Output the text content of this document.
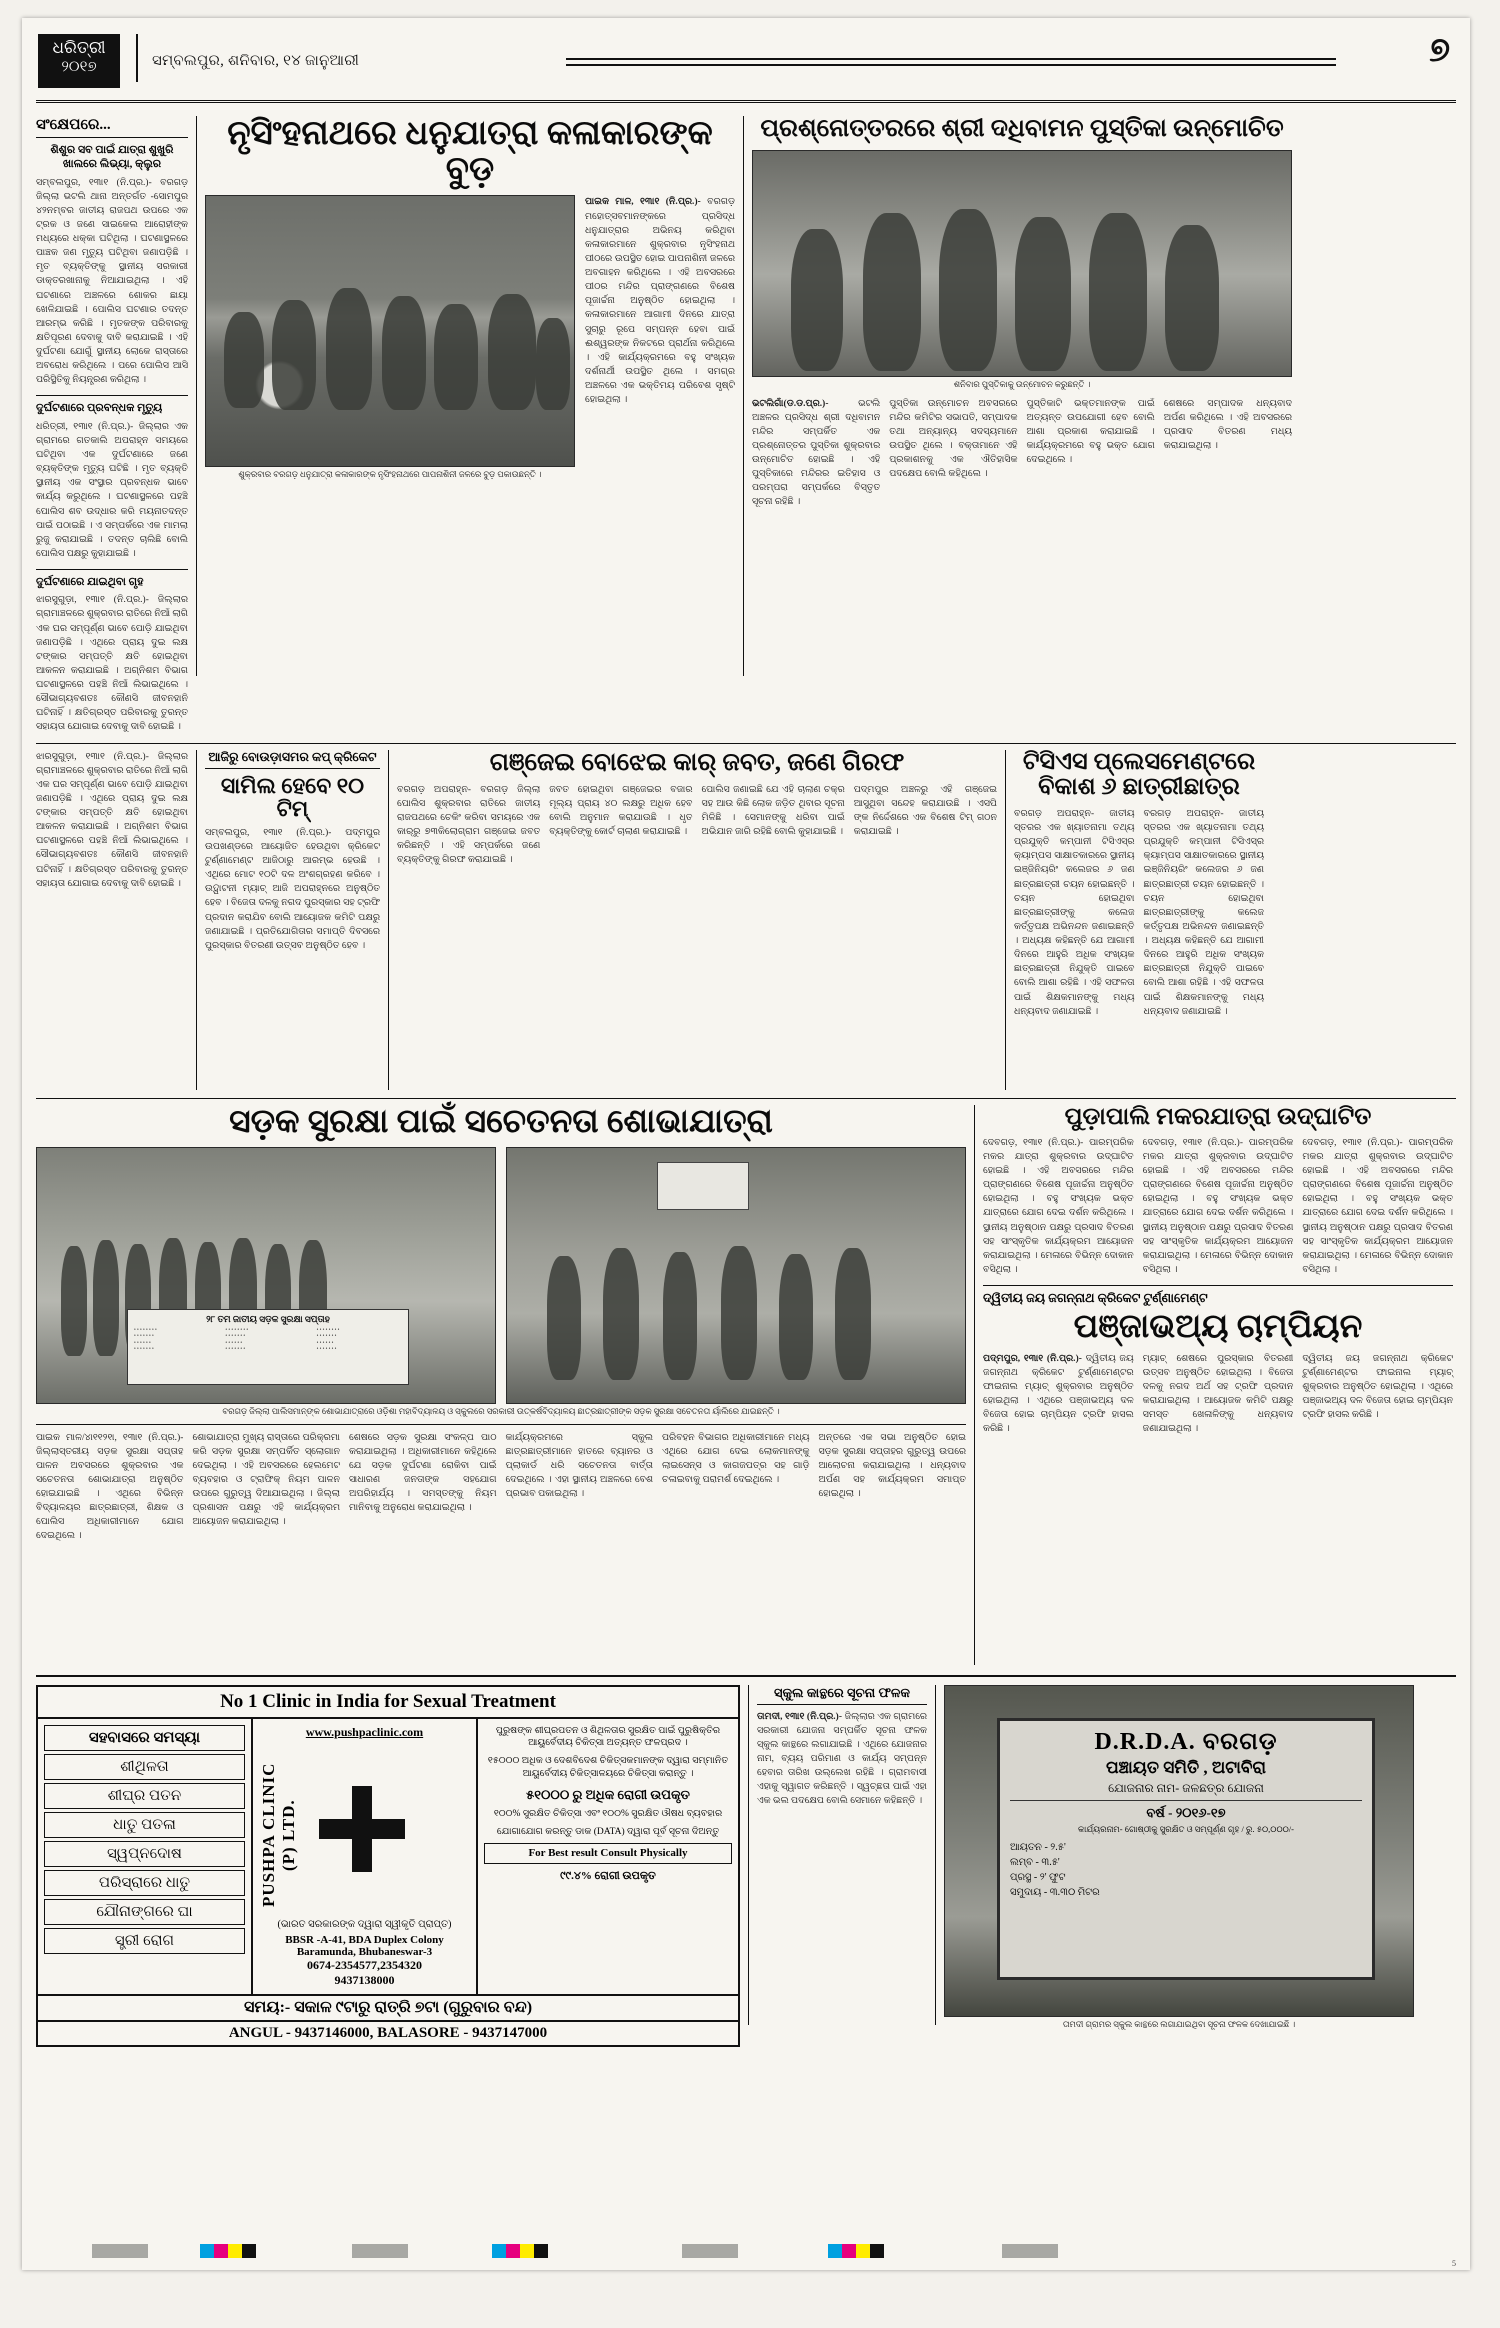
ଧରିତ୍ରୀ
୨୦୧୭	ସମ୍ବଲପୁର, ଶନିବାର, ୧୪ ଜାନୁଆରୀ	୭
ସଂକ୍ଷେପରେ...
ଶିଶୁର ସବ ପାଇଁ ଯାତ୍ରା ଶୁଖୁରି ଖାଲରେ ଲିଭ୍ୟା, କ୍ଲୁର
ସମ୍ବଲପୁର, ୧୩ା୧ (ନି.ପ୍ର.)- ବରଗଡ଼ ଜିଲ୍ଲା ଭଟଲି ଥାନା ଅନ୍ତର୍ଗତ -ସୋମପୁର ୪୨ନମ୍ବର ଜାତୀୟ ରାଜପଥ ଉପରେ ଏକ ଟ୍ରକ ଓ ଜଣେ ସାଇକେଲ ଆରୋହୀଙ୍କ ମଧ୍ୟରେ ଧକ୍କା ଘଟିଥିଲା । ଘଟଣାସ୍ଥଳରେ ପାଞ୍ଚକ ଜଣ ମୃତ୍ୟୁ ଘଟିଥିବା ଜଣାପଡ଼ିଛି । ମୃତ ବ୍ୟକ୍ତିଙ୍କୁ ସ୍ଥାନୀୟ ସରକାରୀ ଡାକ୍ତରଖାନାକୁ ନିଆଯାଇଥିଲା । ଏହି ଘଟଣାରେ ଅଞ୍ଚଳରେ ଶୋକର ଛାୟା ଖେଳିଯାଇଛି । ପୋଲିସ ଘଟଣାର ତଦନ୍ତ ଆରମ୍ଭ କରିଛି । ମୃତକଙ୍କ ପରିବାରକୁ କ୍ଷତିପୂରଣ ଦେବାକୁ ଦାବି କରାଯାଇଛି । ଏହି ଦୁର୍ଘଟଣା ଯୋଗୁଁ ସ୍ଥାନୀୟ ଲୋକେ ରାସ୍ତାରେ ଅବରୋଧ କରିଥିଲେ । ପରେ ପୋଲିସ ଆସି ପରିସ୍ଥିତିକୁ ନିୟନ୍ତ୍ରଣ କରିଥିଲା ।
ଦୁର୍ଘଟଣାରେ ପ୍ରବନ୍ଧକ ମୃତ୍ୟୁ
ଧରିତ୍ରୀ, ୧୩ା୧ (ନି.ପ୍ର.)- ଜିଲ୍ଲାର ଏକ ଗ୍ରାମରେ ଗତକାଲି ଅପରାହ୍ନ ସମୟରେ ଘଟିଥିବା ଏକ ଦୁର୍ଘଟଣାରେ ଜଣେ ବ୍ୟକ୍ତିଙ୍କ ମୃତ୍ୟୁ ଘଟିଛି । ମୃତ ବ୍ୟକ୍ତି ସ୍ଥାନୀୟ ଏକ ସଂସ୍ଥାର ପ୍ରବନ୍ଧକ ଭାବେ କାର୍ଯ୍ୟ କରୁଥିଲେ । ଘଟଣାସ୍ଥଳରେ ପହଞ୍ଚି ପୋଲିସ ଶବ ଉଦ୍ଧାର କରି ମୟନାତଦନ୍ତ ପାଇଁ ପଠାଇଛି । ଏ ସମ୍ପର୍କରେ ଏକ ମାମଲା ରୁଜୁ କରାଯାଇଛି । ତଦନ୍ତ ଚାଲିଛି ବୋଲି ପୋଲିସ ପକ୍ଷରୁ କୁହାଯାଇଛି ।
ଦୁର୍ଘଟଣାରେ ଯାଇଥିବା ଗୃହ
ଝାରସୁଗୁଡ଼ା, ୧୩ା୧ (ନି.ପ୍ର.)- ଜିଲ୍ଲାର ଗ୍ରାମାଞ୍ଚଳରେ ଶୁକ୍ରବାର ରାତିରେ ନିଆଁ ଲାଗି ଏକ ଘର ସମ୍ପୂର୍ଣ୍ଣ ଭାବେ ପୋଡ଼ି ଯାଇଥିବା ଜଣାପଡ଼ିଛି । ଏଥିରେ ପ୍ରାୟ ଦୁଇ ଲକ୍ଷ ଟଙ୍କାର ସମ୍ପତ୍ତି କ୍ଷତି ହୋଇଥିବା ଆକଳନ କରାଯାଇଛି । ଅଗ୍ନିଶମ ବିଭାଗ ଘଟଣାସ୍ଥଳରେ ପହଞ୍ଚି ନିଆଁ ଲିଭାଇଥିଲେ । ସୌଭାଗ୍ୟବଶତଃ କୌଣସି ଜୀବନହାନି ଘଟିନାହିଁ । କ୍ଷତିଗ୍ରସ୍ତ ପରିବାରକୁ ତୁରନ୍ତ ସହାୟତା ଯୋଗାଇ ଦେବାକୁ ଦାବି ହୋଇଛି ।
ନୃସିଂହନାଥରେ ଧନୁଯାତ୍ରା କଳାକାରଙ୍କ ବୁଡ଼
ଶୁକ୍ରବାର ବରଗଡ଼ ଧନୁଯାତ୍ରା କଳାକାରଙ୍କ ନୃସିଂହନାଥରେ ପାପନାଶିନୀ ଜଳରେ ବୁଡ଼ ପକାଉଛନ୍ତି ।
ପାଇକ ମାଳ, ୧୩ା୧ (ନି.ପ୍ର.)- ବରଗଡ଼ ମହୋତ୍ସବମାନଙ୍କରେ ପ୍ରସିଦ୍ଧ ଧନୁଯାତ୍ରାର ଅଭିନୟ କରିଥିବା କଳାକାରମାନେ ଶୁକ୍ରବାର ନୃସିଂହନାଥ ପୀଠରେ ଉପସ୍ଥିତ ହୋଇ ପାପନାଶିନୀ ଜଳରେ ଅବଗାହନ କରିଥିଲେ । ଏହି ଅବସରରେ ପୀଠର ମନ୍ଦିର ପ୍ରାଙ୍ଗଣରେ ବିଶେଷ ପୂଜାର୍ଚ୍ଚନା ଅନୁଷ୍ଠିତ ହୋଇଥିଲା । କଳାକାରମାନେ ଆଗାମୀ ଦିନରେ ଯାତ୍ରା ସୁଚାରୁ ରୂପେ ସମ୍ପନ୍ନ ହେବା ପାଇଁ ଈଶ୍ୱରଙ୍କ ନିକଟରେ ପ୍ରାର୍ଥନା କରିଥିଲେ । ଏହି କାର୍ଯ୍ୟକ୍ରମରେ ବହୁ ସଂଖ୍ୟକ ଦର୍ଶନାର୍ଥୀ ଉପସ୍ଥିତ ଥିଲେ । ସମଗ୍ର ଅଞ୍ଚଳରେ ଏକ ଭକ୍ତିମୟ ପରିବେଶ ସୃଷ୍ଟି ହୋଇଥିଲା ।
ପ୍ରଶ୍ନୋତ୍ତରରେ ଶ୍ରୀ ଦଧିବାମନ ପୁସ୍ତିକା ଉନ୍ମୋଚିତ
ଶନିବାର ପୁସ୍ତିକାକୁ ଉନ୍ମୋଚନ କରୁଛନ୍ତି ।
ଭଟଲିଗାଁ(ଡ.ଡ.ପ୍ର.)-	ଭଟଲି ଅଞ୍ଚଳର ପ୍ରସିଦ୍ଧ ଶ୍ରୀ ଦଧିବାମନ ମନ୍ଦିର ସମ୍ପର୍କିତ ଏକ ପ୍ରଶ୍ନୋତ୍ତର ପୁସ୍ତିକା ଶୁକ୍ରବାର ଉନ୍ମୋଚିତ ହୋଇଛି । ଏହି ପୁସ୍ତିକାରେ ମନ୍ଦିରର ଇତିହାସ ଓ ପରମ୍ପରା ସମ୍ପର୍କରେ ବିସ୍ତୃତ ସୂଚନା ରହିଛି ।
ପୁସ୍ତିକା ଉନ୍ମୋଚନ ଅବସରରେ ମନ୍ଦିର କମିଟିର ସଭାପତି, ସମ୍ପାଦକ ତଥା ଅନ୍ୟାନ୍ୟ ସଦସ୍ୟମାନେ ଉପସ୍ଥିତ ଥିଲେ । ବକ୍ତାମାନେ ଏହି ପ୍ରକାଶନକୁ ଏକ ଐତିହାସିକ ପଦକ୍ଷେପ ବୋଲି କହିଥିଲେ ।
ପୁସ୍ତିକାଟି ଭକ୍ତମାନଙ୍କ ପାଇଁ ଅତ୍ୟନ୍ତ ଉପଯୋଗୀ ହେବ ବୋଲି ଆଶା ପ୍ରକାଶ କରାଯାଇଛି । କାର୍ଯ୍ୟକ୍ରମରେ ବହୁ ଭକ୍ତ ଯୋଗ ଦେଇଥିଲେ ।
ଶେଷରେ ସମ୍ପାଦକ ଧନ୍ୟବାଦ ଅର୍ପଣ କରିଥିଲେ । ଏହି ଅବସରରେ ପ୍ରସାଦ ବିତରଣ ମଧ୍ୟ କରାଯାଇଥିଲା ।
ଝାରସୁଗୁଡ଼ା, ୧୩ା୧ (ନି.ପ୍ର.)- ଜିଲ୍ଲାର ଗ୍ରାମାଞ୍ଚଳରେ ଶୁକ୍ରବାର ରାତିରେ ନିଆଁ ଲାଗି ଏକ ଘର ସମ୍ପୂର୍ଣ୍ଣ ଭାବେ ପୋଡ଼ି ଯାଇଥିବା ଜଣାପଡ଼ିଛି । ଏଥିରେ ପ୍ରାୟ ଦୁଇ ଲକ୍ଷ ଟଙ୍କାର ସମ୍ପତ୍ତି କ୍ଷତି ହୋଇଥିବା ଆକଳନ କରାଯାଇଛି । ଅଗ୍ନିଶମ ବିଭାଗ ଘଟଣାସ୍ଥଳରେ ପହଞ୍ଚି ନିଆଁ ଲିଭାଇଥିଲେ । ସୌଭାଗ୍ୟବଶତଃ କୌଣସି ଜୀବନହାନି ଘଟିନାହିଁ । କ୍ଷତିଗ୍ରସ୍ତ ପରିବାରକୁ ତୁରନ୍ତ ସହାୟତା ଯୋଗାଇ ଦେବାକୁ ଦାବି ହୋଇଛି ।
ଆଜିରୁ ବୋଉଡ଼ାସମର କପ୍‌ କ୍ରିକେଟ
ସାମିଲ ହେବେ ୧୦ ଟିମ୍
ସମ୍ବଲପୁର, ୧୩ା୧ (ନି.ପ୍ର.)- ପଦ୍ମପୁର ଉପଖଣ୍ଡରେ ଆୟୋଜିତ ହେଉଥିବା କ୍ରିକେଟ ଟୁର୍ଣ୍ଣାମେଣ୍ଟ ଆଜିଠାରୁ ଆରମ୍ଭ ହେଉଛି । ଏଥିରେ ମୋଟ ୧୦ଟି ଦଳ ଅଂଶଗ୍ରହଣ କରିବେ । ଉଦ୍ଘାଟନୀ ମ୍ୟାଚ୍‌ ଆଜି ଅପରାହ୍ନରେ ଅନୁଷ୍ଠିତ ହେବ । ବିଜେତା ଦଳକୁ ନଗଦ ପୁରସ୍କାର ସହ ଟ୍ରଫି ପ୍ରଦାନ କରାଯିବ ବୋଲି ଆୟୋଜକ କମିଟି ପକ୍ଷରୁ ଜଣାଯାଇଛି । ପ୍ରତିଯୋଗିତାର ସମାପ୍ତି ଦିବସରେ ପୁରସ୍କାର ବିତରଣୀ ଉତ୍ସବ ଅନୁଷ୍ଠିତ ହେବ ।
ଗଞ୍ଜେଇ ବୋଝେଇ କାର୍ ଜବତ, ଜଣେ ଗିରଫ
ବରଗଡ଼ ଅପରାହ୍ନ- ବରଗଡ଼ ଜିଲ୍ଲା ପୋଲିସ ଶୁକ୍ରବାର ରାତିରେ ଜାତୀୟ ରାଜପଥରେ ଚେକିଂ କରିବା ସମୟରେ ଏକ କାର୍‌ରୁ ୭୩କିଲୋଗ୍ରାମ ଗଞ୍ଜେଇ ଜବତ କରିଛନ୍ତି । ଏହି ସମ୍ପର୍କରେ ଜଣେ ବ୍ୟକ୍ତିଙ୍କୁ ଗିରଫ କରାଯାଇଛି ।
ଜବତ ହୋଇଥିବା ଗଞ୍ଜେଇର ବଜାର ମୂଲ୍ୟ ପ୍ରାୟ ୪୦ ଲକ୍ଷରୁ ଅଧିକ ହେବ ବୋଲି ଅନୁମାନ କରାଯାଉଛି । ଧୃତ ବ୍ୟକ୍ତିଙ୍କୁ କୋର୍ଟ ଚାଲାଣ କରାଯାଇଛି ।
ପୋଲିସ ଜଣାଇଛି ଯେ ଏହି ଚାଲାଣ ଚକ୍ର ସହ ଆଉ କିଛି ଲୋକ ଜଡ଼ିତ ଥିବାର ସୂଚନା ମିଳିଛି । ସେମାନଙ୍କୁ ଧରିବା ପାଇଁ ଅଭିଯାନ ଜାରି ରହିଛି ବୋଲି କୁହାଯାଇଛି ।
ପଦ୍ମପୁର ଅଞ୍ଚଳରୁ ଏହି ଗଞ୍ଜେଇ ଆସୁଥିବା ସନ୍ଦେହ କରାଯାଉଛି । ଏସପି ଙ୍କ ନିର୍ଦ୍ଦେଶରେ ଏକ ବିଶେଷ ଟିମ୍ ଗଠନ କରାଯାଇଛି ।
ଟିସିଏସ ପ୍ଲେସମେଣ୍ଟରେ ବିକାଶ ୬ ଛାତ୍ରୀଛାତ୍ର
ବରଗଡ଼ ଅପରାହ୍ନ- ଜାତୀୟ ସ୍ତରର ଏକ ଖ୍ୟାତନାମା ତଥ୍ୟ ପ୍ରଯୁକ୍ତି କମ୍ପାନୀ ଟିସିଏସ୍‌ର କ୍ୟାମ୍ପସ ସାକ୍ଷାତକାରରେ ସ୍ଥାନୀୟ ଇଞ୍ଜିନିୟରିଂ କଲେଜର ୬ ଜଣ ଛାତ୍ରଛାତ୍ରୀ ଚୟନ ହୋଇଛନ୍ତି । ଚୟନ ହୋଇଥିବା ଛାତ୍ରଛାତ୍ରୀଙ୍କୁ କଲେଜ କର୍ତ୍ତୃପକ୍ଷ ଅଭିନନ୍ଦନ ଜଣାଇଛନ୍ତି । ଅଧ୍ୟକ୍ଷ କହିଛନ୍ତି ଯେ ଆଗାମୀ ଦିନରେ ଆହୁରି ଅଧିକ ସଂଖ୍ୟକ ଛାତ୍ରଛାତ୍ରୀ ନିଯୁକ୍ତି ପାଇବେ ବୋଲି ଆଶା ରହିଛି । ଏହି ସଫଳତା ପାଇଁ ଶିକ୍ଷକମାନଙ୍କୁ ମଧ୍ୟ ଧନ୍ୟବାଦ ଜଣାଯାଇଛି ।
ବରଗଡ଼ ଅପରାହ୍ନ- ଜାତୀୟ ସ୍ତରର ଏକ ଖ୍ୟାତନାମା ତଥ୍ୟ ପ୍ରଯୁକ୍ତି କମ୍ପାନୀ ଟିସିଏସ୍‌ର କ୍ୟାମ୍ପସ ସାକ୍ଷାତକାରରେ ସ୍ଥାନୀୟ ଇଞ୍ଜିନିୟରିଂ କଲେଜର ୬ ଜଣ ଛାତ୍ରଛାତ୍ରୀ ଚୟନ ହୋଇଛନ୍ତି । ଚୟନ ହୋଇଥିବା ଛାତ୍ରଛାତ୍ରୀଙ୍କୁ କଲେଜ କର୍ତ୍ତୃପକ୍ଷ ଅଭିନନ୍ଦନ ଜଣାଇଛନ୍ତି । ଅଧ୍ୟକ୍ଷ କହିଛନ୍ତି ଯେ ଆଗାମୀ ଦିନରେ ଆହୁରି ଅଧିକ ସଂଖ୍ୟକ ଛାତ୍ରଛାତ୍ରୀ ନିଯୁକ୍ତି ପାଇବେ ବୋଲି ଆଶା ରହିଛି । ଏହି ସଫଳତା ପାଇଁ ଶିକ୍ଷକମାନଙ୍କୁ ମଧ୍ୟ ଧନ୍ୟବାଦ ଜଣାଯାଇଛି ।
ସଡ଼କ ସୁରକ୍ଷା ପାଇଁ ସଚେତନତା ଶୋଭାଯାତ୍ରା
୨୮ ତମ ଜାତୀୟ ସଡ଼କ ସୁରକ୍ଷା ସପ୍ତାହ
• • • • • • • •
• • • • • • •
• • • • • •
• • • • • • •
• • • • • • • •
• • • • • • •
• • • • • •
• • • • • • •
• • • • • • • •
• • • • • • •
• • • • • •
• • • • • • •
ବରଗଡ଼ ଜିଲ୍ଲା ପାଲିସମାନ୍‌ଙ୍କ ଶୋଭାଯାତ୍ରାରେ ଓଡ଼ିଶା ମହାବିଦ୍ୟାଳୟ ଓ ସ୍କୁଲରେ ସରକାରୀ ଉତ୍କର୍ଷବିଦ୍ୟାଳୟ ଛାତ୍ରଛାତ୍ରୀଙ୍କ ସଡ଼କ ସୁରକ୍ଷା ସଚେତନତା ର୍ୟାଲିରେ ଯାଇଛନ୍ତି ।
ପାଇକ ମାଳ/୪ା୧୧୨୧ା, ୧୩ା୧ (ନି.ପ୍ର.)- ଜିଲ୍ଲାସ୍ତରୀୟ ସଡ଼କ ସୁରକ୍ଷା ସପ୍ତାହ ପାଳନ ଅବସରରେ ଶୁକ୍ରବାର ଏକ ସଚେତନତା ଶୋଭାଯାତ୍ରା ଅନୁଷ୍ଠିତ ହୋଇଯାଇଛି । ଏଥିରେ ବିଭିନ୍ନ ବିଦ୍ୟାଳୟର ଛାତ୍ରଛାତ୍ରୀ, ଶିକ୍ଷକ ଓ ପୋଲିସ ଅଧିକାରୀମାନେ ଯୋଗ ଦେଇଥିଲେ ।
ଶୋଭାଯାତ୍ରା ମୁଖ୍ୟ ରାସ୍ତାରେ ପରିକ୍ରମା କରି ସଡ଼କ ସୁରକ୍ଷା ସମ୍ପର୍କିତ ସ୍ଲୋଗାନ ଦେଇଥିଲା । ଏହି ଅବସରରେ ହେଲମେଟ ବ୍ୟବହାର ଓ ଟ୍ରାଫିକ୍ ନିୟମ ପାଳନ ଉପରେ ଗୁରୁତ୍ୱ ଦିଆଯାଇଥିଲା । ଜିଲ୍ଲା ପ୍ରଶାସନ ପକ୍ଷରୁ ଏହି କାର୍ଯ୍ୟକ୍ରମ ଆୟୋଜନ କରାଯାଇଥିଲା ।
ଶେଷରେ ସଡ଼କ ସୁରକ୍ଷା ସଂକଳ୍ପ ପାଠ କରାଯାଇଥିଲା । ଅଧିକାରୀମାନେ କହିଥିଲେ ଯେ ସଡ଼କ ଦୁର୍ଘଟଣା ରୋକିବା ପାଇଁ ସାଧାରଣ ଜନତାଙ୍କ ସହଯୋଗ ଅପରିହାର୍ଯ୍ୟ । ସମସ୍ତଙ୍କୁ ନିୟମ ମାନିବାକୁ ଅନୁରୋଧ କରାଯାଇଥିଲା ।
କାର୍ଯ୍ୟକ୍ରମରେ ସ୍କୁଲ ଛାତ୍ରଛାତ୍ରୀମାନେ ହାତରେ ବ୍ୟାନର ଓ ପ୍ଲାକାର୍ଡ ଧରି ସଚେତନତା ବାର୍ତ୍ତା ଦେଇଥିଲେ । ଏହା ସ୍ଥାନୀୟ ଅଞ୍ଚଳରେ ବେଶ ପ୍ରଭାବ ପକାଇଥିଲା ।
ପରିବହନ ବିଭାଗର ଅଧିକାରୀମାନେ ମଧ୍ୟ ଏଥିରେ ଯୋଗ ଦେଇ ଲୋକମାନଙ୍କୁ ଲାଇସେନ୍ସ ଓ କାଗଜପତ୍ର ସହ ଗାଡ଼ି ଚଳାଇବାକୁ ପରାମର୍ଶ ଦେଇଥିଲେ ।
ଅନ୍ତରେ ଏକ ସଭା ଅନୁଷ୍ଠିତ ହୋଇ ସଡ଼କ ସୁରକ୍ଷା ସପ୍ତାହର ଗୁରୁତ୍ୱ ଉପରେ ଆଲୋଚନା କରାଯାଇଥିଲା । ଧନ୍ୟବାଦ ଅର୍ପଣ ସହ କାର୍ଯ୍ୟକ୍ରମ ସମାପ୍ତ ହୋଇଥିଲା ।
ପୁଡ଼ାପାଲି ମକରଯାତ୍ରା ଉଦ୍‌ଘାଟିତ
ଦେବଗଡ଼, ୧୩ା୧ (ନି.ପ୍ର.)- ପାରମ୍ପରିକ ମକର ଯାତ୍ରା ଶୁକ୍ରବାର ଉଦ୍‌ଘାଟିତ ହୋଇଛି । ଏହି ଅବସରରେ ମନ୍ଦିର ପ୍ରାଙ୍ଗଣରେ ବିଶେଷ ପୂଜାର୍ଚ୍ଚନା ଅନୁଷ୍ଠିତ ହୋଇଥିଲା । ବହୁ ସଂଖ୍ୟକ ଭକ୍ତ ଯାତ୍ରାରେ ଯୋଗ ଦେଇ ଦର୍ଶନ କରିଥିଲେ । ସ୍ଥାନୀୟ ଅନୁଷ୍ଠାନ ପକ୍ଷରୁ ପ୍ରସାଦ ବିତରଣ ସହ ସାଂସ୍କୃତିକ କାର୍ଯ୍ୟକ୍ରମ ଆୟୋଜନ କରାଯାଇଥିଲା । ମେଳାରେ ବିଭିନ୍ନ ଦୋକାନ ବସିଥିଲା ।
ଦେବଗଡ଼, ୧୩ା୧ (ନି.ପ୍ର.)- ପାରମ୍ପରିକ ମକର ଯାତ୍ରା ଶୁକ୍ରବାର ଉଦ୍‌ଘାଟିତ ହୋଇଛି । ଏହି ଅବସରରେ ମନ୍ଦିର ପ୍ରାଙ୍ଗଣରେ ବିଶେଷ ପୂଜାର୍ଚ୍ଚନା ଅନୁଷ୍ଠିତ ହୋଇଥିଲା । ବହୁ ସଂଖ୍ୟକ ଭକ୍ତ ଯାତ୍ରାରେ ଯୋଗ ଦେଇ ଦର୍ଶନ କରିଥିଲେ । ସ୍ଥାନୀୟ ଅନୁଷ୍ଠାନ ପକ୍ଷରୁ ପ୍ରସାଦ ବିତରଣ ସହ ସାଂସ୍କୃତିକ କାର୍ଯ୍ୟକ୍ରମ ଆୟୋଜନ କରାଯାଇଥିଲା । ମେଳାରେ ବିଭିନ୍ନ ଦୋକାନ ବସିଥିଲା ।
ଦେବଗଡ଼, ୧୩ା୧ (ନି.ପ୍ର.)- ପାରମ୍ପରିକ ମକର ଯାତ୍ରା ଶୁକ୍ରବାର ଉଦ୍‌ଘାଟିତ ହୋଇଛି । ଏହି ଅବସରରେ ମନ୍ଦିର ପ୍ରାଙ୍ଗଣରେ ବିଶେଷ ପୂଜାର୍ଚ୍ଚନା ଅନୁଷ୍ଠିତ ହୋଇଥିଲା । ବହୁ ସଂଖ୍ୟକ ଭକ୍ତ ଯାତ୍ରାରେ ଯୋଗ ଦେଇ ଦର୍ଶନ କରିଥିଲେ । ସ୍ଥାନୀୟ ଅନୁଷ୍ଠାନ ପକ୍ଷରୁ ପ୍ରସାଦ ବିତରଣ ସହ ସାଂସ୍କୃତିକ କାର୍ଯ୍ୟକ୍ରମ ଆୟୋଜନ କରାଯାଇଥିଲା । ମେଳାରେ ବିଭିନ୍ନ ଦୋକାନ ବସିଥିଲା ।
ଦ୍ୱିତୀୟ ଜୟ ଜଗନ୍ନାଥ କ୍ରିକେଟ ଟୁର୍ଣ୍ଣାମେଣ୍ଟ
ପଞ୍ଜାଭଅ୍ୟ ଚାମ୍ପିୟନ
ପଦ୍ମପୁର, ୧୩ା୧ (ନି.ପ୍ର.)- ଦ୍ୱିତୀୟ ଜୟ ଜଗନ୍ନାଥ କ୍ରିକେଟ ଟୁର୍ଣ୍ଣାମେଣ୍ଟର ଫାଇନାଲ ମ୍ୟାଚ୍ ଶୁକ୍ରବାର ଅନୁଷ୍ଠିତ ହୋଇଥିଲା । ଏଥିରେ ପଞ୍ଜାଭଅ୍ୟ ଦଳ ବିଜେତା ହୋଇ ଚାମ୍ପିୟନ ଟ୍ରଫି ହାସଲ କରିଛି ।
ମ୍ୟାଚ୍ ଶେଷରେ ପୁରସ୍କାର ବିତରଣୀ ଉତ୍ସବ ଅନୁଷ୍ଠିତ ହୋଇଥିଲା । ବିଜେତା ଦଳକୁ ନଗଦ ଅର୍ଥ ସହ ଟ୍ରଫି ପ୍ରଦାନ କରାଯାଇଥିଲା । ଆୟୋଜକ କମିଟି ପକ୍ଷରୁ ସମସ୍ତ ଖେଳାଳିଙ୍କୁ ଧନ୍ୟବାଦ ଜଣାଯାଇଥିଲା ।
ଦ୍ୱିତୀୟ ଜୟ ଜଗନ୍ନାଥ କ୍ରିକେଟ ଟୁର୍ଣ୍ଣାମେଣ୍ଟର ଫାଇନାଲ ମ୍ୟାଚ୍ ଶୁକ୍ରବାର ଅନୁଷ୍ଠିତ ହୋଇଥିଲା । ଏଥିରେ ପଞ୍ଜାଭଅ୍ୟ ଦଳ ବିଜେତା ହୋଇ ଚାମ୍ପିୟନ ଟ୍ରଫି ହାସଲ କରିଛି ।
No 1 Clinic in India for Sexual Treatment
ସହବାସରେ ସମସ୍ୟା
ଶୀଥିଳତା
ଶୀଘ୍ର ପତନ
ଧାତୁ ପତଳା
ସ୍ୱପ୍ନଦୋଷ
ପରିସ୍ରାରେ ଧାତୁ
ଯୌନାଙ୍ଗରେ ଘା
ସ୍ତ୍ରୀ ରୋଗ
www.pushpaclinic.com
PUSHPA CLINIC (P) LTD.
(ଭାରତ ସରକାରଙ୍କ ଦ୍ୱାରା ସ୍ୱୀକୃତି ପ୍ରାପ୍ତ)
BBSR -A-41, BDA Duplex Colony
Baramunda, Bhubaneswar-3
0674-2354577,2354320
9437138000
ପୁରୁଷଙ୍କ ଶୀଘ୍ରପତନ ଓ ଶିଥିଳତାର ସୁରକ୍ଷିତ ପାଇଁ ପୁରୁଷିକ୍ତିର ଆୟୁର୍ବେଦୀୟ ଚିକିତ୍ସା ଅତ୍ୟନ୍ତ ଫଳପ୍ରଦ ।
୧୫୦୦୦ ଅଧିକ ଓ ଦେଶବିଦେଶ ଚିକିତ୍ସକମାନଙ୍କ ଦ୍ୱାରା ସମ୍ମାନିତ ଆୟୁର୍ବେଦୀୟ ଚିକିତ୍ସାଳୟରେ ଚିକିତ୍ସା କରାନ୍ତୁ ।
୫୧୦୦୦ ରୁ ଅଧିକ ରୋଗୀ ଉପକୃତ
୧୦୦% ସୁରକ୍ଷିତ ଚିକିତ୍ସା ଏବଂ ୧୦୦% ସୁରକ୍ଷିତ ଔଷଧ ବ୍ୟବହାର
ଯୋଗାଯୋଗ କରନ୍ତୁ ଡାକ (DATA) ଦ୍ୱାରା ପୂର୍ବ ସୂଚନା ଦିଅନ୍ତୁ
For Best result Consult Physically
୯୯.୪% ରୋଗୀ ଉପକୃତ
ସମୟ:- ସକାଳ ୯ଟାରୁ ରାତ୍ରି ୭ଟା (ଗୁରୁବାର ବନ୍ଦ)
ANGUL - 9437146000, BALASORE - 9437147000
ସ୍କୁଲ କାନ୍ଥରେ ସୂଚନା ଫଳକ
ତାମଦୀ, ୧୩ା୧ (ନି.ପ୍ର.)- ଜିଲ୍ଲାର ଏକ ଗ୍ରାମରେ ସରକାରୀ ଯୋଜନା ସମ୍ପର୍କିତ ସୂଚନା ଫଳକ ସ୍କୁଲ କାନ୍ଥରେ ଲଗାଯାଇଛି । ଏଥିରେ ଯୋଜନାର ନାମ, ବ୍ୟୟ ପରିମାଣ ଓ କାର୍ଯ୍ୟ ସମ୍ପନ୍ନ ହେବାର ତାରିଖ ଉଲ୍ଲେଖ ରହିଛି । ଗ୍ରାମବାସୀ ଏହାକୁ ସ୍ୱାଗତ କରିଛନ୍ତି । ସ୍ୱଚ୍ଛତା ପାଇଁ ଏହା ଏକ ଭଲ ପଦକ୍ଷେପ ବୋଲି ସେମାନେ କହିଛନ୍ତି ।
D.R.D.A. ବରଗଡ଼
ପଞ୍ଚାୟତ ସମିତି , ଅଟାବିରା
ଯୋଜନାର ନାମ- ଜଳଛତ୍ର ଯୋଜନା
ବର୍ଷ - ୨୦୧୬-୧୭
କାର୍ଯ୍ୟରନାମ- ଗୋଷ୍ଠୀକୁ ସୁରକ୍ଷିତ ଓ ସମ୍ପୂର୍ଣ୍ଣ ଗୃହ / ରୁ. ୫୦,୦୦୦/-
ଆୟତନ - ୨.୫'
ଲମ୍ବ - ୩.୫'
ପ୍ରସ୍ଥ - ୨' ଫୁଟ
ସମୁଦାୟ - ୩.୩୦ ମିଟର
ତାମଦୀ ଗ୍ରାମର ସ୍କୁଲ କାନ୍ଥରେ ଲଗାଯାଇଥିବା ସୂଚନା ଫଳକ ଦେଖାଯାଇଛି ।
5
